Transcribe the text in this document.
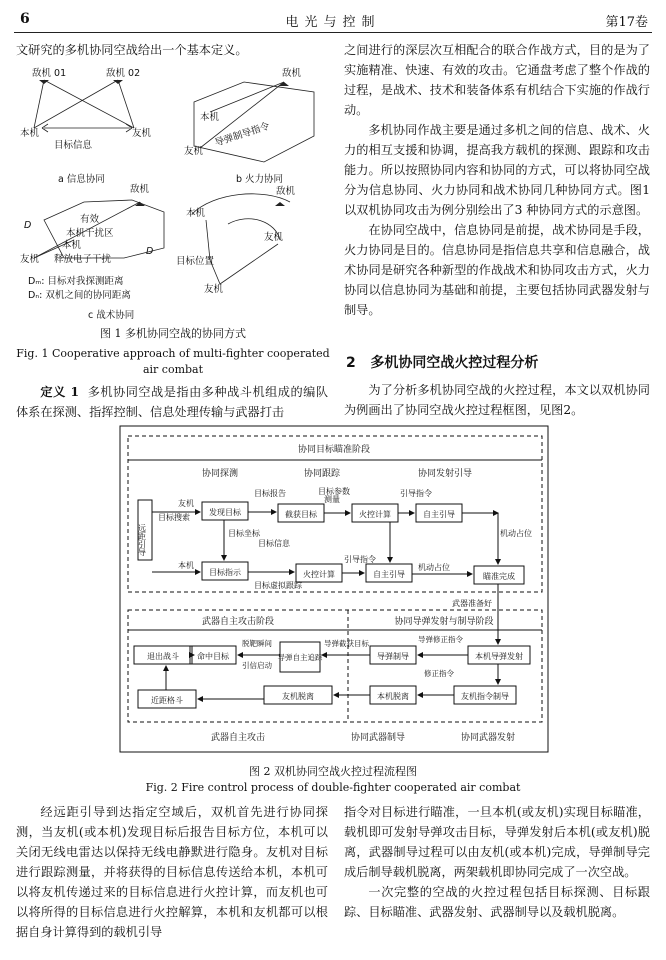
6	电光与控制	第17卷

文研究的多机协同空战给出一个基本定义。

敌机 01	敌机 02
本机	友机
目标信息
a 信息协同
敌机
本机
友机
导弹制导指令
b 火力协同
敌机
有效
本机干扰区
本机
友机 释放电子干扰
D
D
Dₘ: 目标对我探测距离
Dₙ: 双机之间的协同距离
c 战术协同
敌机
本机
友机
目标位置
友机
图 1 多机协同空战的协同方式
Fig. 1 Cooperative approach of multi-fighter cooperated
air combat

定义 1 多机协同空战是指由多种战斗机组成的编队体系在探测、指挥控制、信息处理传输与武器打击

之间进行的深层次互相配合的联合作战方式，目的是为了实施精准、快速、有效的攻击。它通盘考虑了整个作战的过程，是战术、技术和装备体系有机结合下实施的作战行动。

多机协同作战主要是通过多机之间的信息、战术、火力的相互支援和协调，提高我方载机的探测、跟踪和攻击能力。所以按照协同内容和协同的方式，可以将协同空战分为信息协同、火力协同和战术协同几种协同方式。图1 以双机协同攻击为例分别绘出了3 种协同方式的示意图。

在协同空战中，信息协同是前提，战术协同是手段，火力协同是目的。信息协同是指信息共享和信息融合，战术协同是研究各种新型的作战战术和协同攻击方式，火力协同以信息协同为基础和前提，主要包括协同武器发射与制导。

2 多机协同空战火控过程分析

为了分析多机协同空战的火控过程，本文以双机协同为例画出了协同空战火控过程框图，见图2。

协同目标瞄准阶段
协同探测	协同跟踪	协同发射引导
远距引导
目标搜索
友机
本机
发现目标
目标报告
截获目标
目标参数
测量
火控计算
引导指令
自主引导
目标坐标
目标信息
目标指示
目标虚拟跟踪
火控计算
引导指令
自主引导
机动占位
机动占位
瞄准完成
武器准备好
武器自主攻击阶段	协同导弹发射与制导阶段
退出战斗 命中目标
脱靶瞬间
引信启动
导弹自主追踪
导弹截获目标
导弹制导
导弹修正指令
本机导弹发射
近距格斗	友机脱离	本机脱离	友机指令制导
修正指令
武器自主攻击	协同武器制导	协同武器发射
图 2 双机协同空战火控过程流程图
Fig. 2 Fire control process of double-fighter cooperated air combat

经远距引导到达指定空域后，双机首先进行协同探测，当友机(或本机)发现目标后报告目标方位，本机可以关闭无线电雷达以保持无线电静默进行隐身。友机对目标进行跟踪测量，并将获得的目标信息传送给本机，本机可以将友机传递过来的目标信息进行火控计算，而友机也可以将所得的目标信息进行火控解算，本机和友机都可以根据自身计算得到的载机引导

指令对目标进行瞄准，一旦本机(或友机)实现目标瞄准，载机即可发射导弹攻击目标，导弹发射后本机(或友机)脱离，武器制导过程可以由友机(或本机)完成，导弹制导完成后制导载机脱离，两架载机即协同完成了一次空战。

一次完整的空战的火控过程包括目标探测、目标跟踪、目标瞄准、武器发射、武器制导以及载机脱离。
